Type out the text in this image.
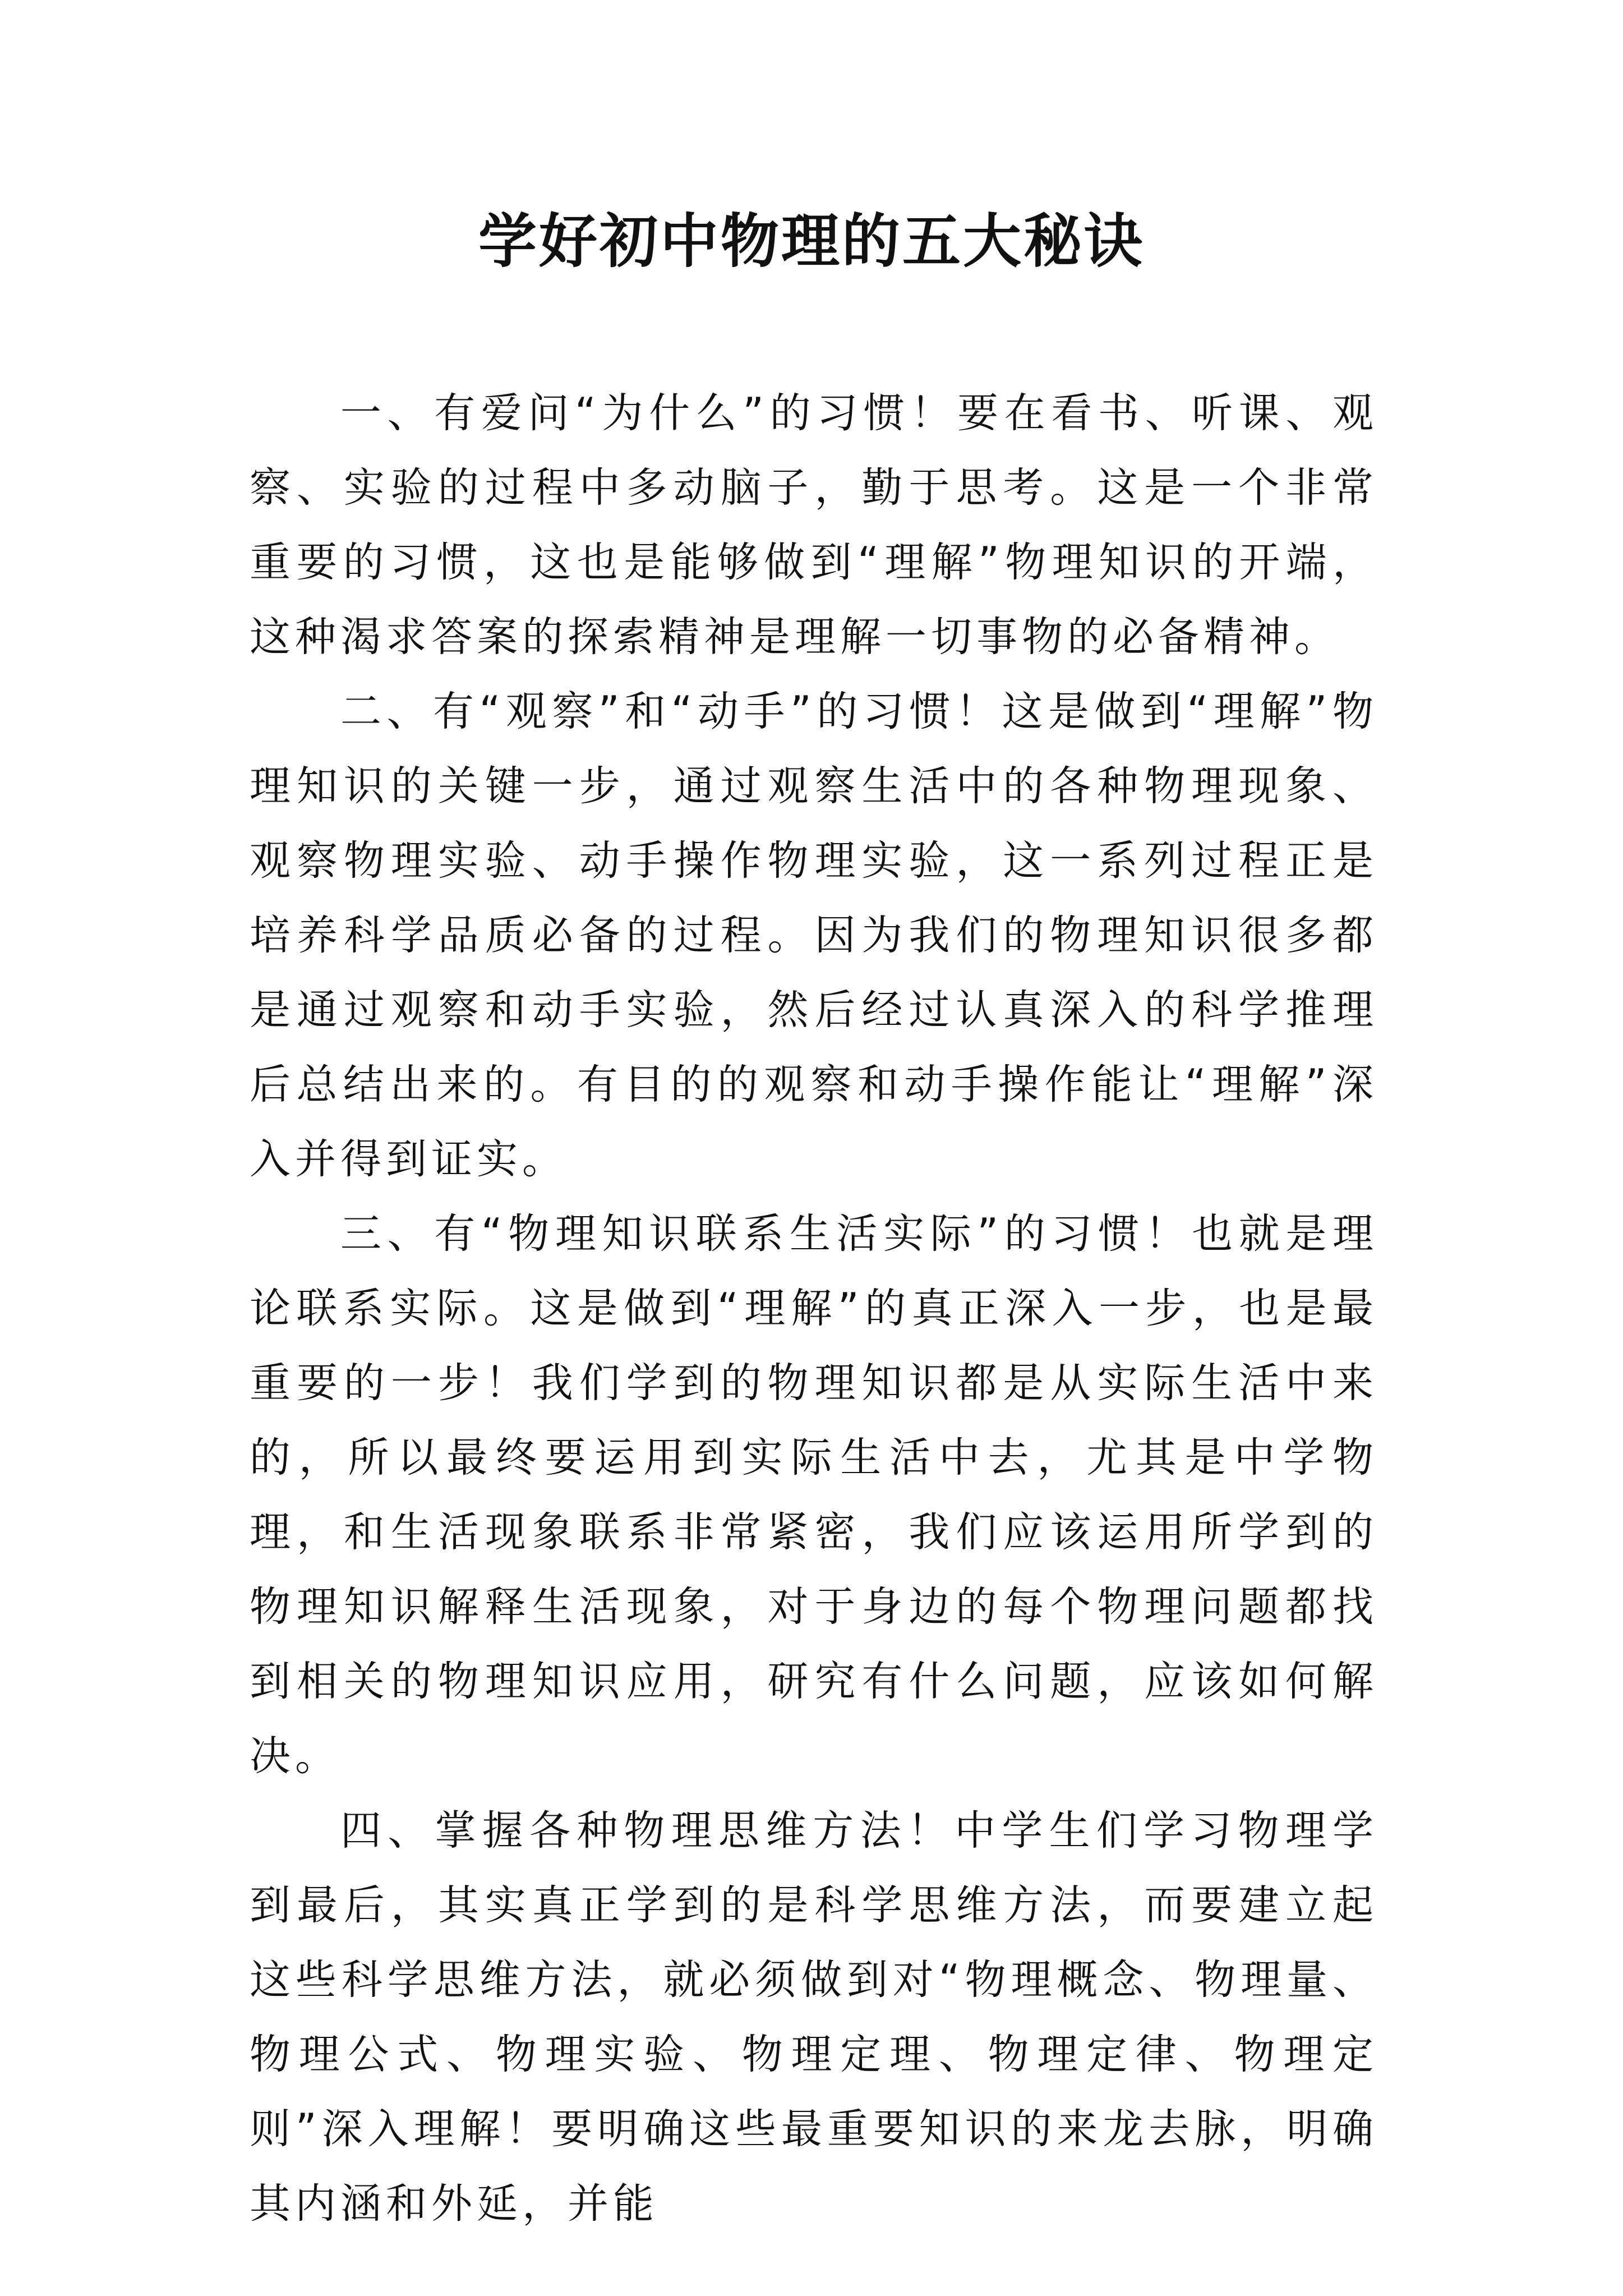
学好初中物理的五大秘诀

一、有爱问“为什么”的习惯！要在看书、听课、观察、实验的过程中多动脑子，勤于思考。这是一个非常重要的习惯，这也是能够做到“理解”物理知识的开端，这种渴求答案的探索精神是理解一切事物的必备精神。

二、有“观察”和“动手”的习惯！这是做到“理解”物理知识的关键一步，通过观察生活中的各种物理现象、观察物理实验、动手操作物理实验，这一系列过程正是培养科学品质必备的过程。因为我们的物理知识很多都是通过观察和动手实验，然后经过认真深入的科学推理后总结出来的。有目的的观察和动手操作能让“理解”深入并得到证实。

三、有“物理知识联系生活实际”的习惯！也就是理论联系实际。这是做到“理解”的真正深入一步，也是最重要的一步！我们学到的物理知识都是从实际生活中来的，所以最终要运用到实际生活中去，尤其是中学物理，和生活现象联系非常紧密，我们应该运用所学到的物理知识解释生活现象，对于身边的每个物理问题都找到相关的物理知识应用，研究有什么问题，应该如何解决。

四、掌握各种物理思维方法！中学生们学习物理学到最后，其实真正学到的是科学思维方法，而要建立起这些科学思维方法，就必须做到对“物理概念、物理量、物理公式、物理实验、物理定理、物理定律、物理定则”深入理解！要明确这些最重要知识的来龙去脉，明确其内涵和外延，并能
